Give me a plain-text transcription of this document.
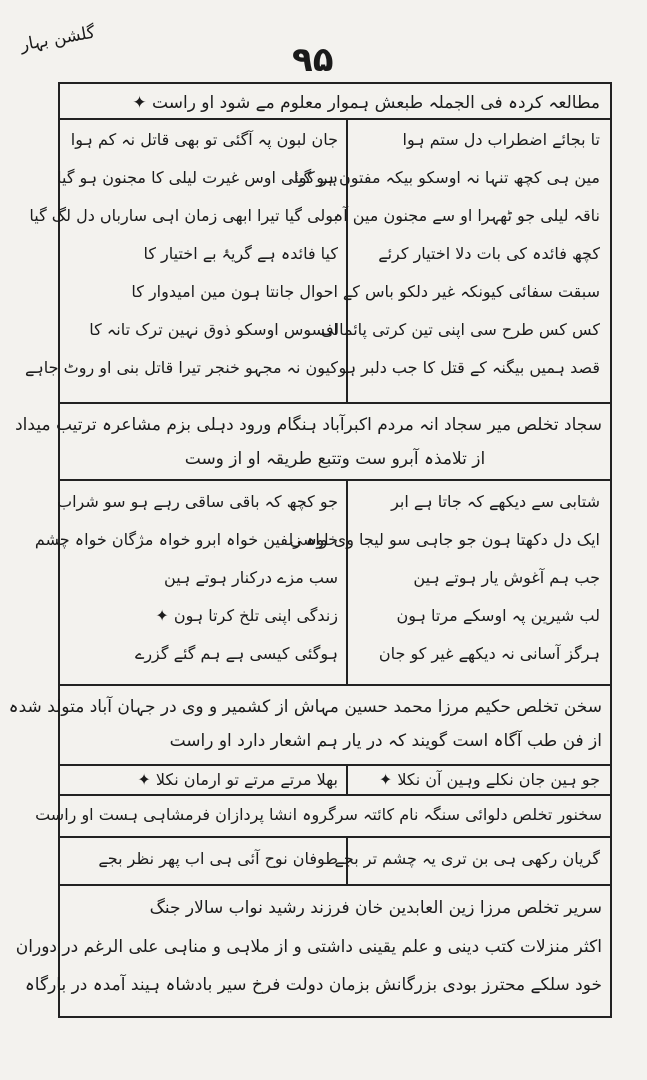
گلشن بہار
۹۵
مطالعہ کردہ فی الجملہ طبعش ہموار معلوم مے شود او راست ✦
تا بجائے اضطراب دل ستم ہوا
مین ہی کچھ تنہا نہ اوسکو بیکہ مفتون ہو گیا
ناقہ لیلی جو ٹھہرا او سے مجنون مین آہ
کچھ فائدہ کی بات دلا اختیار کرئے
سبقت سفائی کیونکہ غیر دلکو باس کے
کس کس طرح سی اپنی تین کرتی پائمالی
قصد ہمیں بیگنہ کے قتل کا جب دلبر ہو
جان لبون پہ آگئی تو بھی قاتل نہ کم ہوا
ہر کوئی اوس غیرت لیلی کا مجنون ہو گیا
بولی گیا تیرا ابھی زمان اہی سارباں دل لگ گیا
کیا فائدہ ہے گریۂ بے اختیار کا
احوال جانتا ہون مین امیدوار کا
افسوس اوسکو ذوق نہین ترک تانہ کا
کیون نہ مجہو خنجر تیرا قاتل بنی او روٹ جاہے
سجاد تخلص میر سجاد انہ مردم اکبرآباد ہنگام ورود دہلی بزم مشاعرہ ترتیب میداد
از تلامذہ آبرو ست وتتبع طریقہ او از وست
شتابی سے دیکھے کہ جاتا ہے ابر
ایک دل دکھتا ہون جو جاہی سو لیجا وی اوسی
جب ہم آغوش یار ہوتے ہین
لب شیرین پہ اوسکے مرتا ہون
ہرگز آسانی نہ دیکھے غیر کو جان
جو کچھ کہ باقی ساقی رہے ہو سو شراب
خواہ زلفین خواہ ابرو خواہ مژگان خواہ چشم
سب مزے درکنار ہوتے ہین
زندگی اپنی تلخ کرتا ہون ✦
ہوگئی کیسی ہے ہم گئے گزرے
سخن تخلص حکیم مرزا محمد حسین مہاش از کشمیر و وی در جہان آباد متولد شدہ
از فن طب آگاہ است گویند کہ در یار ہم اشعار دارد او راست
جو ہین جان نکلے وہین آن نکلا ✦
بھلا مرتے مرتے تو ارمان نکلا ✦
سخنور تخلص دلوائی سنگہ نام کائتہ سرگروہ انشا پردازان فرمشاہی ہست او راست
گریان رکھی ہی بن تری یہ چشم تر بجے
طوفان نوح آئی ہی اب پھر نظر بجے
سریر تخلص مرزا زین العابدین خان فرزند رشید نواب سالار جنگ
اکثر منزلات کتب دینی و علم یقینی داشتی و از ملاہی و مناہی علی الرغم در دوران
خود سلکے محترز بودی بزرگانش بزمان دولت فرخ سیر بادشاہ ہیند آمدہ در بارگاہ
